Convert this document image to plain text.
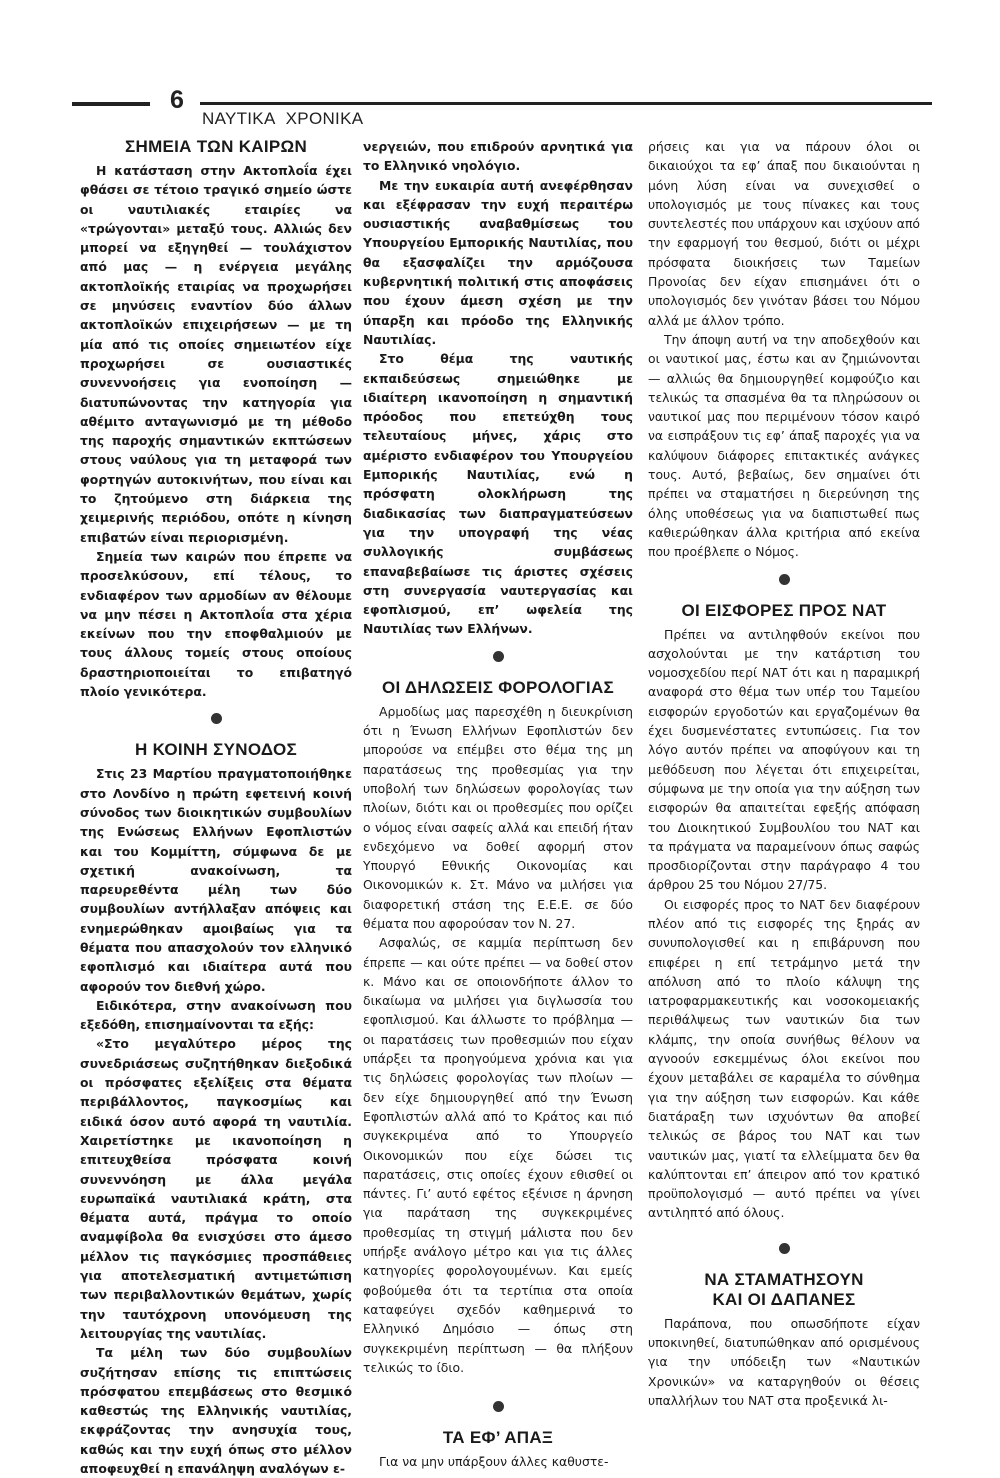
6
ΝΑΥΤΙΚΑ ΧΡΟΝΙΚΑ
ΣΗΜΕΙΑ ΤΩΝ ΚΑΙΡΩΝ

Η κατάσταση στην Ακτοπλοΐα έχει φθάσει σε τέτοιο τραγικό σημείο ώστε οι ναυτιλιακές εταιρίες να «τρώγονται» μεταξύ τους. Αλλιώς δεν μπορεί να εξηγηθεί — τουλάχιστον από μας — η ενέργεια μεγάλης ακτοπλοϊκής εταιρίας να προχωρήσει σε μηνύσεις εναντίον δύο άλλων ακτοπλοϊκών επιχειρήσεων — με τη μία από τις οποίες σημειωτέον είχε προχωρήσει σε ουσιαστικές συνεννοήσεις για ενοποίηση — διατυπώνοντας την κατηγορία για αθέμιτο ανταγωνισμό με τη μέθοδο της παροχής σημαντικών εκπτώσεων στους ναύλους για τη μεταφορά των φορτηγών αυτοκινήτων, που είναι και το ζητούμενο στη διάρκεια της χειμερινής περιόδου, οπότε η κίνηση επιβατών είναι περιορισμένη.

Σημεία των καιρών που έπρεπε να προσελκύσουν, επί τέλους, το ενδιαφέρον των αρμοδίων αν θέλουμε να μην πέσει η Ακτοπλοΐα στα χέρια εκείνων που την εποφθαλμιούν με τους άλλους τομείς στους οποίους δραστηριοποιείται το επιβατηγό πλοίο γενικότερα.

Η ΚΟΙΝΗ ΣΥΝΟΔΟΣ

Στις 23 Μαρτίου πραγματοποιήθηκε στο Λονδίνο η πρώτη εφετεινή κοινή σύνοδος των διοικητικών συμβουλίων της Ενώσεως Ελλήνων Εφοπλιστών και του Κομμίττη, σύμφωνα δε με σχετική ανακοίνωση, τα παρευρεθέντα μέλη των δύο συμβουλίων αντήλλαξαν απόψεις και ενημερώθηκαν αμοιβαίως για τα θέματα που απασχολούν τον ελληνικό εφοπλισμό και ιδιαίτερα αυτά που αφορούν τον διεθνή χώρο.

Ειδικότερα, στην ανακοίνωση που εξεδόθη, επισημαίνονται τα εξής:

«Στο μεγαλύτερο μέρος της συνεδριάσεως συζητήθηκαν διεξοδικά οι πρόσφατες εξελίξεις στα θέματα περιβάλλοντος, παγκοσμίως και ειδικά όσον αυτό αφορά τη ναυτιλία. Χαιρετίστηκε με ικανοποίηση η επιτευχθείσα πρόσφατα κοινή συνεννόηση με άλλα μεγάλα ευρωπαϊκά ναυτιλιακά κράτη, στα θέματα αυτά, πράγμα το οποίο αναμφίβολα θα ενισχύσει στο άμεσο μέλλον τις παγκόσμιες προσπάθειες για αποτελεσματική αντιμετώπιση των περιβαλλοντικών θεμάτων, χωρίς την ταυτόχρονη υπονόμευση της λειτουργίας της ναυτιλίας.

Τα μέλη των δύο συμβουλίων συζήτησαν επίσης τις επιπτώσεις πρόσφατου επεμβάσεως στο θεσμικό καθεστώς της Ελληνικής ναυτιλίας, εκφράζοντας την ανησυχία τους, καθώς και την ευχή όπως στο μέλλον αποφευχθεί η επανάληψη αναλόγων ε-

νεργειών, που επιδρούν αρνητικά για το Ελληνικό νηολόγιο.

Με την ευκαιρία αυτή ανεφέρθησαν και εξέφρασαν την ευχή περαιτέρω ουσιαστικής αναβαθμίσεως του Υπουργείου Εμπορικής Ναυτιλίας, που θα εξασφαλίζει την αρμόζουσα κυβερνητική πολιτική στις αποφάσεις που έχουν άμεση σχέση με την ύπαρξη και πρόοδο της Ελληνικής Ναυτιλίας.

Στο θέμα της ναυτικής εκπαιδεύσεως σημειώθηκε με ιδιαίτερη ικανοποίηση η σημαντική πρόοδος που επετεύχθη τους τελευταίους μήνες, χάρις στο αμέριστο ενδιαφέρον του Υπουργείου Εμπορικής Ναυτιλίας, ενώ η πρόσφατη ολοκλήρωση της διαδικασίας των διαπραγματεύσεων για την υπογραφή της νέας συλλογικής συμβάσεως επαναβεβαίωσε τις άριστες σχέσεις στη συνεργασία ναυτεργασίας και εφοπλισμού, επ’ ωφελεία της Ναυτιλίας των Ελλήνων.

ΟΙ ΔΗΛΩΣΕΙΣ ΦΟΡΟΛΟΓΙΑΣ

Αρμοδίως μας παρεσχέθη η διευκρίνιση ότι η Ένωση Ελλήνων Εφοπλιστών δεν μπορούσε να επέμβει στο θέμα της μη παρατάσεως της προθεσμίας για την υποβολή των δηλώσεων φορολογίας των πλοίων, διότι και οι προθεσμίες που ορίζει ο νόμος είναι σαφείς αλλά και επειδή ήταν ενδεχόμενο να δοθεί αφορμή στον Υπουργό Εθνικής Οικονομίας και Οικονομικών κ. Στ. Μάνο να μιλήσει για διαφορετική στάση της Ε.Ε.Ε. σε δύο θέματα που αφορούσαν τον Ν. 27.

Ασφαλώς, σε καμμία περίπτωση δεν έπρεπε — και ούτε πρέπει — να δοθεί στον κ. Μάνο και σε οποιονδήποτε άλλον το δικαίωμα να μιλήσει για διγλωσσία του εφοπλισμού. Και άλλωστε το πρόβλημα — οι παρατάσεις των προθεσμιών που είχαν υπάρξει τα προηγούμενα χρόνια και για τις δηλώσεις φορολογίας των πλοίων — δεν είχε δημιουργηθεί από την Ένωση Εφοπλιστών αλλά από το Κράτος και πιό συγκεκριμένα από το Υπουργείο Οικονομικών που είχε δώσει τις παρατάσεις, στις οποίες έχουν εθισθεί οι πάντες. Γι’ αυτό εφέτος εξένισε η άρνηση για παράταση της συγκεκριμένες προθεσμίας τη στιγμή μάλιστα που δεν υπήρξε ανάλογο μέτρο και για τις άλλες κατηγορίες φορολογουμένων. Και εμείς φοβούμεθα ότι τα τερτίπια στα οποία καταφεύγει σχεδόν καθημερινά το Ελληνικό Δημόσιο — όπως στη συγκεκριμένη περίπτωση — θα πλήξουν τελικώς το ίδιο.

ΤΑ ΕΦ’ ΑΠΑΞ

Για να μην υπάρξουν άλλες καθυστε-

ρήσεις και για να πάρουν όλοι οι δικαιούχοι τα εφ’ άπαξ που δικαιούνται η μόνη λύση είναι να συνεχισθεί ο υπολογισμός με τους πίνακες και τους συντελεστές που υπάρχουν και ισχύουν από την εφαρμογή του θεσμού, διότι οι μέχρι πρόσφατα διοικήσεις των Ταμείων Προνοίας δεν είχαν επισημάνει ότι ο υπολογισμός δεν γινόταν βάσει του Νόμου αλλά με άλλον τρόπο.

Την άποψη αυτή να την αποδεχθούν και οι ναυτικοί μας, έστω και αν ζημιώνονται — αλλιώς θα δημιουργηθεί κομφούζιο και τελικώς τα σπασμένα θα τα πληρώσουν οι ναυτικοί μας που περιμένουν τόσον καιρό να εισπράξουν τις εφ’ άπαξ παροχές για να καλύψουν διάφορες επιτακτικές ανάγκες τους. Αυτό, βεβαίως, δεν σημαίνει ότι πρέπει να σταματήσει η διερεύνηση της όλης υποθέσεως για να διαπιστωθεί πως καθιερώθηκαν άλλα κριτήρια από εκείνα που προέβλεπε ο Νόμος.

ΟΙ ΕΙΣΦΟΡΕΣ ΠΡΟΣ ΝΑΤ

Πρέπει να αντιληφθούν εκείνοι που ασχολούνται με την κατάρτιση του νομοσχεδίου περί ΝΑΤ ότι και η παραμικρή αναφορά στο θέμα των υπέρ του Ταμείου εισφορών εργοδοτών και εργαζομένων θα έχει δυσμενέστατες εντυπώσεις. Για τον λόγο αυτόν πρέπει να αποφύγουν και τη μεθόδευση που λέγεται ότι επιχειρείται, σύμφωνα με την οποία για την αύξηση των εισφορών θα απαιτείται εφεξής απόφαση του Διοικητικού Συμβουλίου του ΝΑΤ και τα πράγματα να παραμείνουν όπως σαφώς προσδιορίζονται στην παράγραφο 4 του άρθρου 25 του Νόμου 27/75.

Οι εισφορές προς το ΝΑΤ δεν διαφέρουν πλέον από τις εισφορές της ξηράς αν συνυπολογισθεί και η επιβάρυνση που επιφέρει η επί τετράμηνο μετά την απόλυση από το πλοίο κάλυψη της ιατροφαρμακευτικής και νοσοκομειακής περιθάλψεως των ναυτικών δια των κλάμπς, την οποία συνήθως θέλουν να αγνοούν εσκεμμένως όλοι εκείνοι που έχουν μεταβάλει σε καραμέλα το σύνθημα για την αύξηση των εισφορών. Και κάθε διατάραξη των ισχυόντων θα αποβεί τελικώς σε βάρος του ΝΑΤ και των ναυτικών μας, γιατί τα ελλείμματα δεν θα καλύπτονται επ’ άπειρον από τον κρατικό προϋπολογισμό — αυτό πρέπει να γίνει αντιληπτό από όλους.

ΝΑ ΣΤΑΜΑΤΗΣΟΥΝ
ΚΑΙ ΟΙ ΔΑΠΑΝΕΣ

Παράπονα, που οπωσδήποτε είχαν υποκινηθεί, διατυπώθηκαν από ορισμένους για την υπόδειξη των «Ναυτικών Χρονικών» να καταργηθούν οι θέσεις υπαλλήλων του ΝΑΤ στα προξενικά λι-
